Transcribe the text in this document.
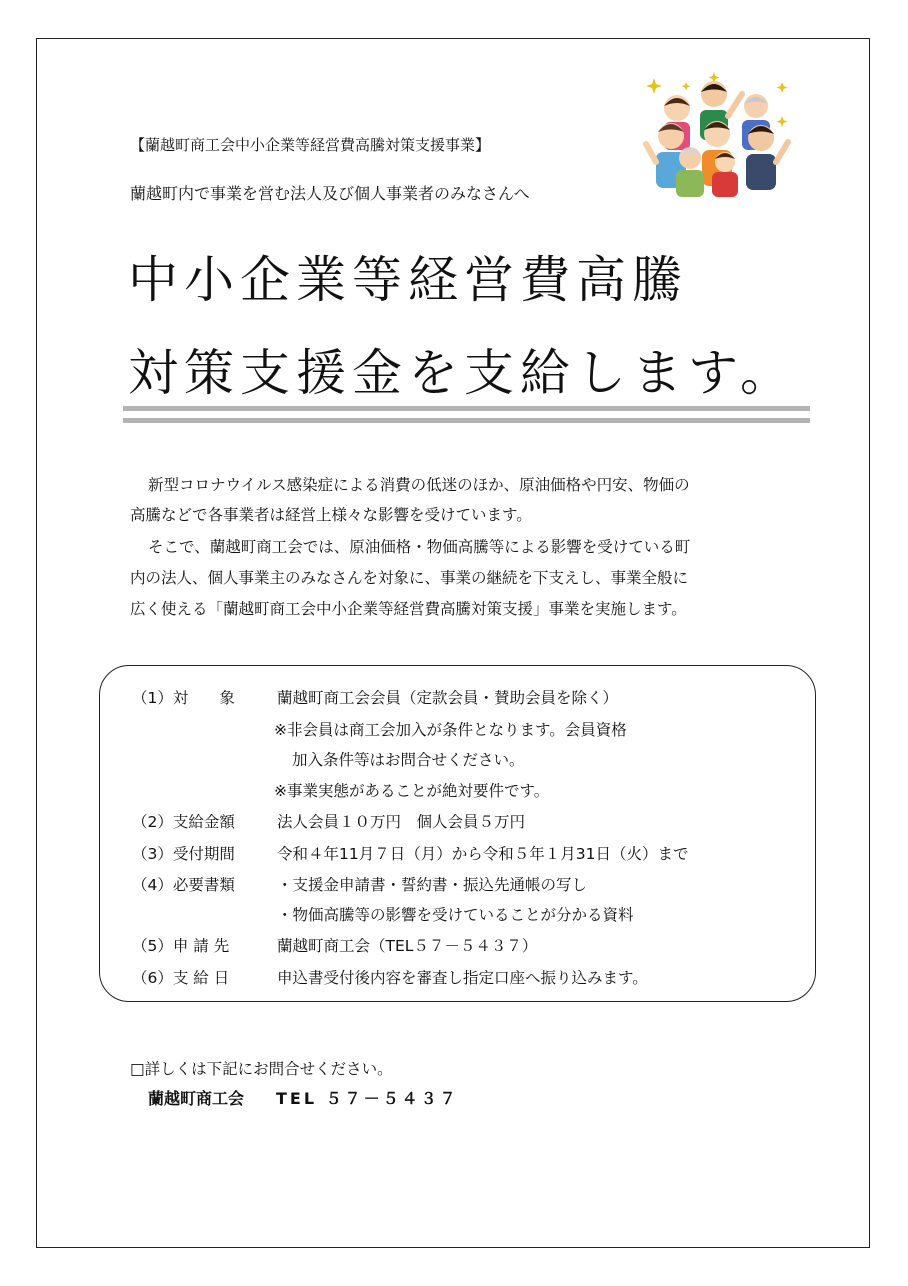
【蘭越町商工会中小企業等経営費高騰対策支援事業】
蘭越町内で事業を営む法人及び個人事業者のみなさんへ
中小企業等経営費高騰
対策支援金を支給します。
新型コロナウイルス感染症による消費の低迷のほか、原油価格や円安、物価の
高騰などで各事業者は経営上様々な影響を受けています。
そこで、蘭越町商工会では、原油価格・物価高騰等による影響を受けている町
内の法人、個人事業主のみなさんを対象に、事業の継続を下支えし、事業全般に
広く使える「蘭越町商工会中小企業等経営費高騰対策支援」事業を実施します。
（1）対　　象	蘭越町商工会会員（定款会員・賛助会員を除く）
※非会員は商工会加入が条件となります。会員資格
加入条件等はお問合せください。
※事業実態があることが絶対要件です。
（2）支給金額	法人会員１０万円　個人会員５万円
（3）受付期間	令和４年11月７日（月）から令和５年１月31日（火）まで
（4）必要書類	・支援金申請書・誓約書・振込先通帳の写し
・物価高騰等の影響を受けていることが分かる資料
（5）申 請 先	蘭越町商工会（TEL５７－５４３７）
（6）支 給 日	申込書受付後内容を審査し指定口座へ振り込みます。
□詳しくは下記にお問合せください。
蘭越町商工会 TEL ５７－５４３７
